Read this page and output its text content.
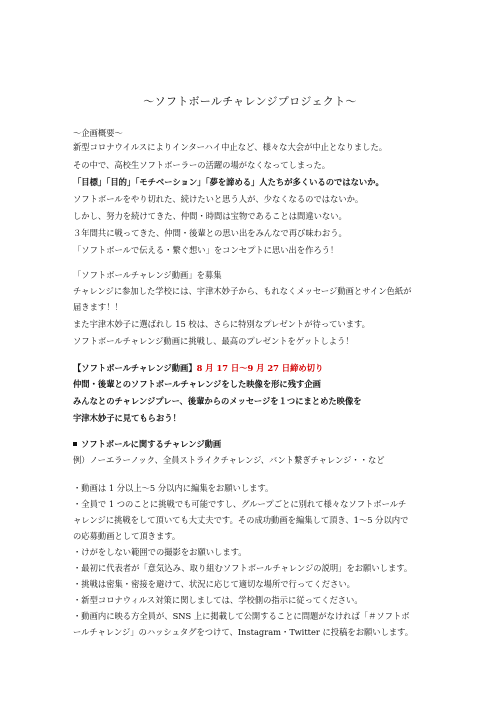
〜ソフトボールチャレンジプロジェクト〜
〜企画概要〜
新型コロナウイルスによりインターハイ中止など、様々な大会が中止となりました。
その中で、高校生ソフトボーラーの活躍の場がなくなってしまった。
「目標」「目的」「モチベーション」「夢を諦める」人たちが多くいるのではないか。
ソフトボールをやり切れた、続けたいと思う人が、少なくなるのではないか。
しかし、努力を続けてきた、仲間・時間は宝物であることは間違いない。
３年間共に戦ってきた、仲間・後輩との思い出をみんなで再び味わおう。
「ソフトボールで伝える・繋ぐ想い」をコンセプトに思い出を作ろう！
「ソフトボールチャレンジ動画」を募集
チャレンジに参加した学校には、宇津木妙子から、もれなくメッセージ動画とサイン色紙が
届きます！！
また宇津木妙子に選ばれし 15 校は、さらに特別なプレゼントが待っています。
ソフトボールチャレンジ動画に挑戦し、最高のプレゼントをゲットしよう！
【ソフトボールチャレンジ動画】8 月 17 日〜9 月 27 日締め切り
仲間・後輩とのソフトボールチャレンジをした映像を形に残す企画
みんなとのチャレンジプレー、後輩からのメッセージを１つにまとめた映像を
宇津木妙子に見てもらおう！
ソフトボールに関するチャレンジ動画
例）ノーエラーノック、全員ストライクチャレンジ、バント繋ぎチャレンジ・・など
・動画は 1 分以上〜5 分以内に編集をお願いします。
・全員で 1 つのことに挑戦でも可能ですし、グループごとに別れて様々なソフトボールチ
ャレンジに挑戦をして頂いても大丈夫です。その成功動画を編集して頂き、1〜5 分以内で
の応募動画として頂きます。
・けがをしない範囲での撮影をお願いします。
・最初に代表者が「意気込み、取り組むソフトボールチャレンジの説明」をお願いします。
・挑戦は密集・密接を避けて、状況に応じて適切な場所で行ってください。
・新型コロナウィルス対策に関しましては、学校側の指示に従ってください。
・動画内に映る方全員が、SNS 上に掲載して公開することに問題がなければ「＃ソフトボ
ールチャレンジ」のハッシュタグをつけて、Instagram・Twitter に投稿をお願いします。
